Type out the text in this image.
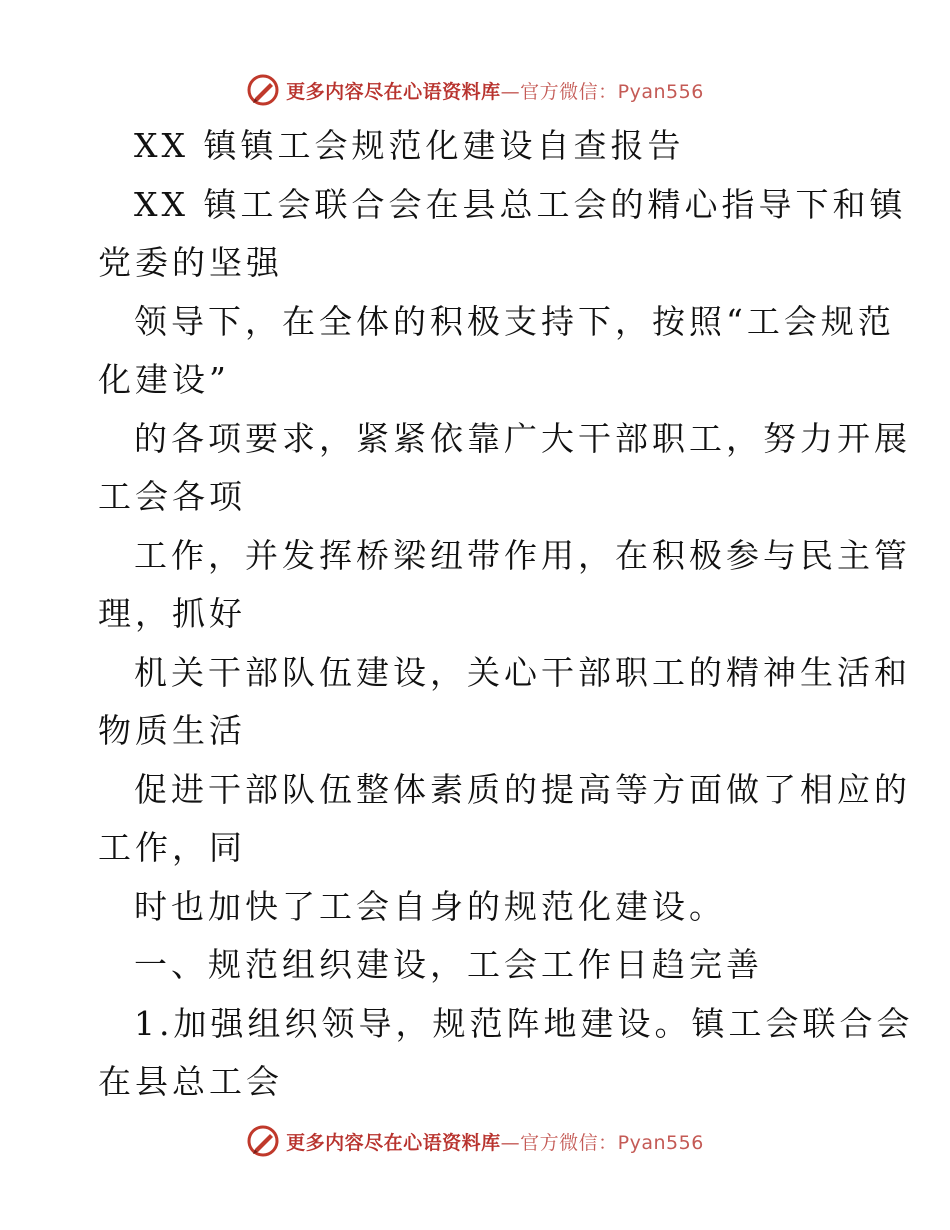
更多内容尽在心语资料库—官方微信：Pyan556
XX 镇镇工会规范化建设自查报告
XX 镇工会联合会在县总工会的精心指导下和镇
党委的坚强
领导下，在全体的积极支持下，按照“工会规范
化建设”
的各项要求，紧紧依靠广大干部职工，努力开展
工会各项
工作，并发挥桥梁纽带作用，在积极参与民主管
理，抓好
机关干部队伍建设，关心干部职工的精神生活和
物质生活
促进干部队伍整体素质的提高等方面做了相应的
工作，同
时也加快了工会自身的规范化建设。
一、规范组织建设，工会工作日趋完善
1.加强组织领导，规范阵地建设。镇工会联合会
在县总工会
更多内容尽在心语资料库—官方微信：Pyan556
